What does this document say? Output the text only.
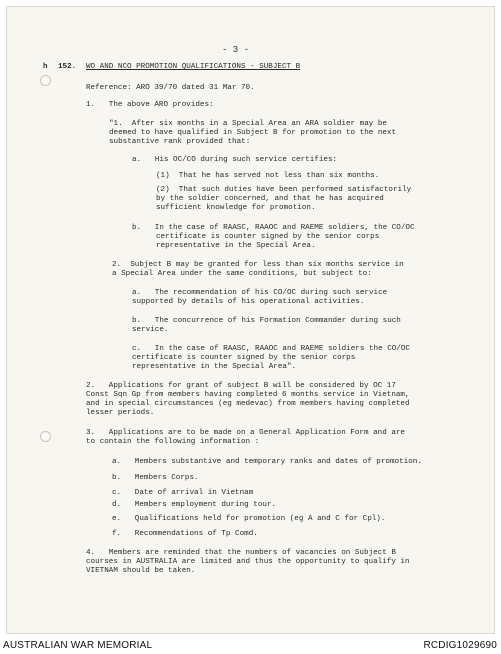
- 3 -
h 152. WO AND NCO PROMOTION QUALIFICATIONS - SUBJECT B
Reference: ARO 39/70 dated 31 Mar 70.
1.   The above ARO provides:
"1.  After six months in a Special Area an ARA soldier may be
deemed to have qualified in Subject B for promotion to the next
substantive rank provided that:
a.   His OC/CO during such service certifies:
(1)  That he has served not less than six months.
(2)  That such duties have been performed satisfactorily
by the soldier concerned, and that he has acquired
sufficient knowledge for promotion.
b.   In the case of RAASC, RAAOC and RAEME soldiers, the CO/OC
certificate is counter signed by the senior corps
representative in the Special Area.
2.  Subject B may be granted for less than six months service in
a Special Area under the same conditions, but subject to:
a.   The recommendation of his CO/OC during such service
supported by details of his operational activities.
b.   The concurrence of his Formation Commander during such
service.
c.   In the case of RAASC, RAAOC and RAEME soldiers the CO/OC
certificate is counter signed by the senior corps
representative in the Special Area".
2.   Applications for grant of subject B will be considered by OC 17
Const Sqn Gp from members having completed 6 months service in Vietnam,
and in special circumstances (eg medevac) from members having completed
lesser periods.
3.   Applications are to be made on a General Application Form and are
to contain the following information :
a.   Members substantive and temporary ranks and dates of promotion.
b.   Members Corps.
c.   Date of arrival in Vietnam
d.   Members employment during tour.
e.   Qualifications held for promotion (eg A and C for Cpl).
f.   Recommendations of Tp Comd.
4.   Members are reminded that the numbers of vacancies on Subject B
courses in AUSTRALIA are limited and thus the opportunity to qualify in
VIETNAM should be taken.
AUSTRALIAN WAR MEMORIAL	RCDIG1029690
